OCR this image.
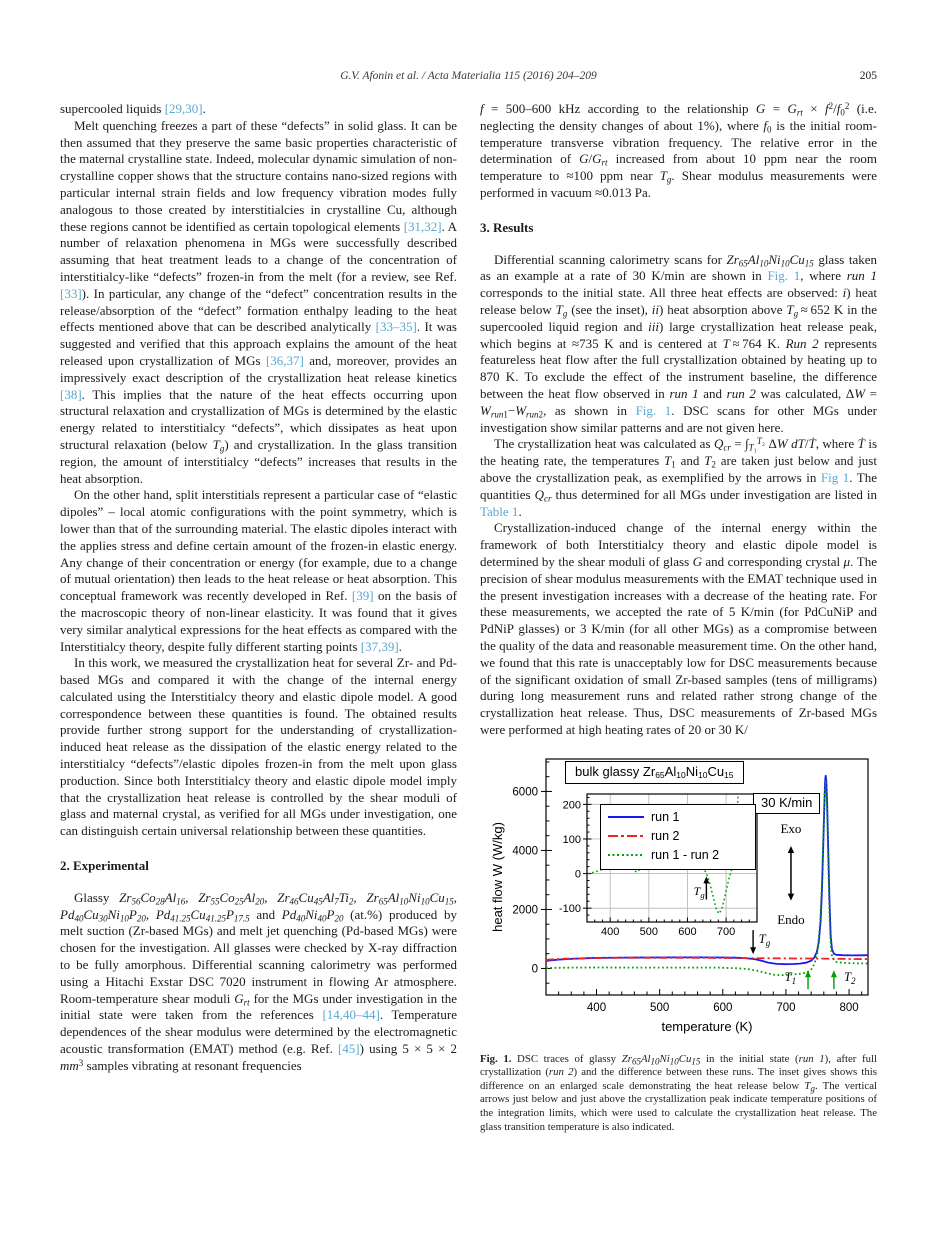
G.V. Afonin et al. / Acta Materialia 115 (2016) 204–209	205

supercooled liquids [29,30].

Melt quenching freezes a part of these “defects” in solid glass. It can be then assumed that they preserve the same basic properties characteristic of the maternal crystalline state. Indeed, molecular dynamic simulation of non-crystalline copper shows that the structure contains nano-sized regions with particular internal strain fields and low frequency vibration modes fully analogous to those created by interstitialcies in crystalline Cu, although these regions cannot be identified as certain topological elements [31,32]. A number of relaxation phenomena in MGs were successfully described assuming that heat treatment leads to a change of the concentration of interstitialcy-like “defects” frozen-in from the melt (for a review, see Ref. [33]). In particular, any change of the “defect” concentration results in the release/absorption of the “defect” formation enthalpy leading to the heat effects mentioned above that can be described analytically [33–35]. It was suggested and verified that this approach explains the amount of the heat released upon crystallization of MGs [36,37] and, moreover, provides an impressively exact description of the crystallization heat release kinetics [38]. This implies that the nature of the heat effects occurring upon structural relaxation and crystallization of MGs is determined by the elastic energy related to interstitialcy “defects”, which dissipates as heat upon structural relaxation (below $T_g$) and crystallization. In the glass transition region, the amount of interstitialcy “defects” increases that results in the heat absorption.

On the other hand, split interstitials represent a particular case of “elastic dipoles” – local atomic configurations with the point symmetry, which is lower than that of the surrounding material. The elastic dipoles interact with the applies stress and define certain amount of the frozen-in elastic energy. Any change of their concentration or energy (for example, due to a change of mutual orientation) then leads to the heat release or heat absorption. This conceptual framework was recently developed in Ref. [39] on the basis of the macroscopic theory of non-linear elasticity. It was found that it gives very similar analytical expressions for the heat effects as compared with the Interstitialcy theory, despite fully different starting points [37,39].

In this work, we measured the crystallization heat for several Zr- and Pd-based MGs and compared it with the change of the internal energy calculated using the Interstitialcy theory and elastic dipole model. A good correspondence between these quantities is found. The obtained results provide further strong support for the understanding of crystallization-induced heat release as the dissipation of the elastic energy related to the interstitialcy “defects”/elastic dipoles frozen-in from the melt upon glass production. Since both Interstitialcy theory and elastic dipole model imply that the crystallization heat release is controlled by the shear moduli of glass and maternal crystal, as verified for all MGs under investigation, one can distinguish certain universal relationship between these quantities.

2. Experimental

Glassy $Zr_{56}Co_{28}Al_{16}$, $Zr_{55}Co_{25}Al_{20}$, $Zr_{46}Cu_{45}Al_7Ti_2$, $Zr_{65}Al_{10}Ni_{10}Cu_{15}$, $Pd_{40}Cu_{30}Ni_{10}P_{20}$, $Pd_{41.25}Cu_{41.25}P_{17.5}$ and $Pd_{40}Ni_{40}P_{20}$ (at.%) produced by melt suction (Zr-based MGs) and melt jet quenching (Pd-based MGs) were chosen for the investigation. All glasses were checked by X-ray diffraction to be fully amorphous. Differential scanning calorimetry was performed using a Hitachi Exstar DSC 7020 instrument in flowing Ar atmosphere. Room-temperature shear moduli $G_{rt}$ for the MGs under investigation in the initial state were taken from the references [14,40–44]. Temperature dependences of the shear modulus were determined by the electromagnetic acoustic transformation (EMAT) method (e.g. Ref. [45]) using 5 × 5 × 2 $mm^3$ samples vibrating at resonant frequencies

f = 500–600 kHz according to the relationship $G = G_{rt} \times f^2/f_0^2$ (i.e. neglecting the density changes of about 1%), where $f_0$ is the initial room-temperature transverse vibration frequency. The relative error in the determination of $G/G_{rt}$ increased from about 10 ppm near the room temperature to ≈100 ppm near $T_g$. Shear modulus measurements were performed in vacuum ≈0.013 Pa.

3. Results

Differential scanning calorimetry scans for $Zr_{65}Al_{10}Ni_{10}Cu_{15}$ glass taken as an example at a rate of 30 K/min are shown in Fig. 1, where run 1 corresponds to the initial state. All three heat effects are observed: i) heat release below $T_g$ (see the inset), ii) heat absorption above $T_g \approx 652$ K in the supercooled liquid region and iii) large crystallization heat release peak, which begins at ≈735 K and is centered at T ≈ 764 K. Run 2 represents featureless heat flow after the full crystallization obtained by heating up to 870 K. To exclude the effect of the instrument baseline, the difference between the heat flow observed in run 1 and run 2 was calculated, $\Delta W = W_{run1}-W_{run2}$, as shown in Fig. 1. DSC scans for other MGs under investigation show similar patterns and are not given here.

The crystallization heat was calculated as $Q_{cr} = \int_{T_1}^{T_2}$ ΔW dT/Ṫ, where Ṫ is the heating rate, the temperatures $T_1$ and $T_2$ are taken just below and just above the crystallization peak, as exemplified by the arrows in Fig 1. The quantities $Q_{cr}$ thus determined for all MGs under investigation are listed in Table 1.

Crystallization-induced change of the internal energy within the framework of both Interstitialcy theory and elastic dipole model is determined by the shear moduli of glass G and corresponding crystal μ. The precision of shear modulus measurements with the EMAT technique used in the present investigation increases with a decrease of the heating rate. For these measurements, we accepted the rate of 5 K/min (for PdCuNiP and PdNiP glasses) or 3 K/min (for all other MGs) as a compromise between the quality of the data and reasonable measurement time. On the other hand, we found that this rate is unacceptably low for DSC measurements because of the significant oxidation of small Zr-based samples (tens of milligrams) during long measurement runs and related rather strong change of the crystallization heat release. Thus, DSC measurements of Zr-based MGs were performed at high heating rates of 20 or 30 K/

400	500	600	700	800
0
2000
4000
6000
temperature (K)
heat flow W (W/kg)
400 500 600 700
-100
0
100
200
$T_g$
$T_g$
$T_1$	$T_2$
Exo
Endo
bulk glassy $Zr_{65}Al_{10}Ni_{10}Cu_{15}$
30 K/min
run 1
run 2
run 1 - run 2
Fig. 1. DSC traces of glassy $Zr_{65}Al_{10}Ni_{10}Cu_{15}$ in the initial state (run 1), after full crystallization (run 2) and the difference between these runs. The inset gives shows this difference on an enlarged scale demonstrating the heat release below $T_g$. The vertical arrows just below and just above the crystallization peak indicate temperature positions of the integration limits, which were used to calculate the crystallization heat release. The glass transition temperature is also indicated.
